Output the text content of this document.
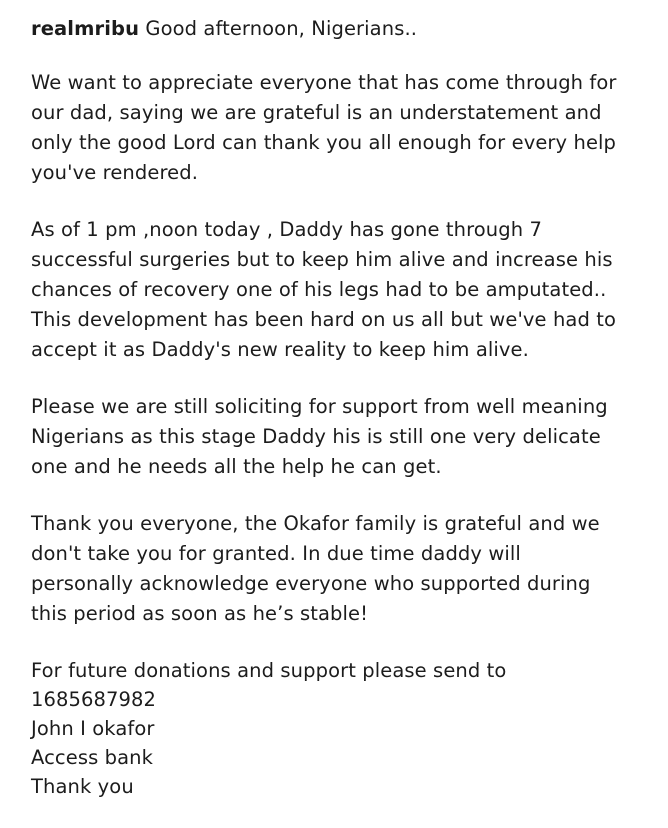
realmribu Good afternoon, Nigerians..
We want to appreciate everyone that has come through for
our dad, saying we are grateful is an understatement and
only the good Lord can thank you all enough for every help
you've rendered.
As of 1 pm ,noon today , Daddy has gone through 7
successful surgeries but to keep him alive and increase his
chances of recovery one of his legs had to be amputated..
This development has been hard on us all but we've had to
accept it as Daddy's new reality to keep him alive.
Please we are still soliciting for support from well meaning
Nigerians as this stage Daddy his is still one very delicate
one and he needs all the help he can get.
Thank you everyone, the Okafor family is grateful and we
don't take you for granted. In due time daddy will
personally acknowledge everyone who supported during
this period as soon as he’s stable!
For future donations and support please send to
1685687982
John I okafor
Access bank
Thank you
